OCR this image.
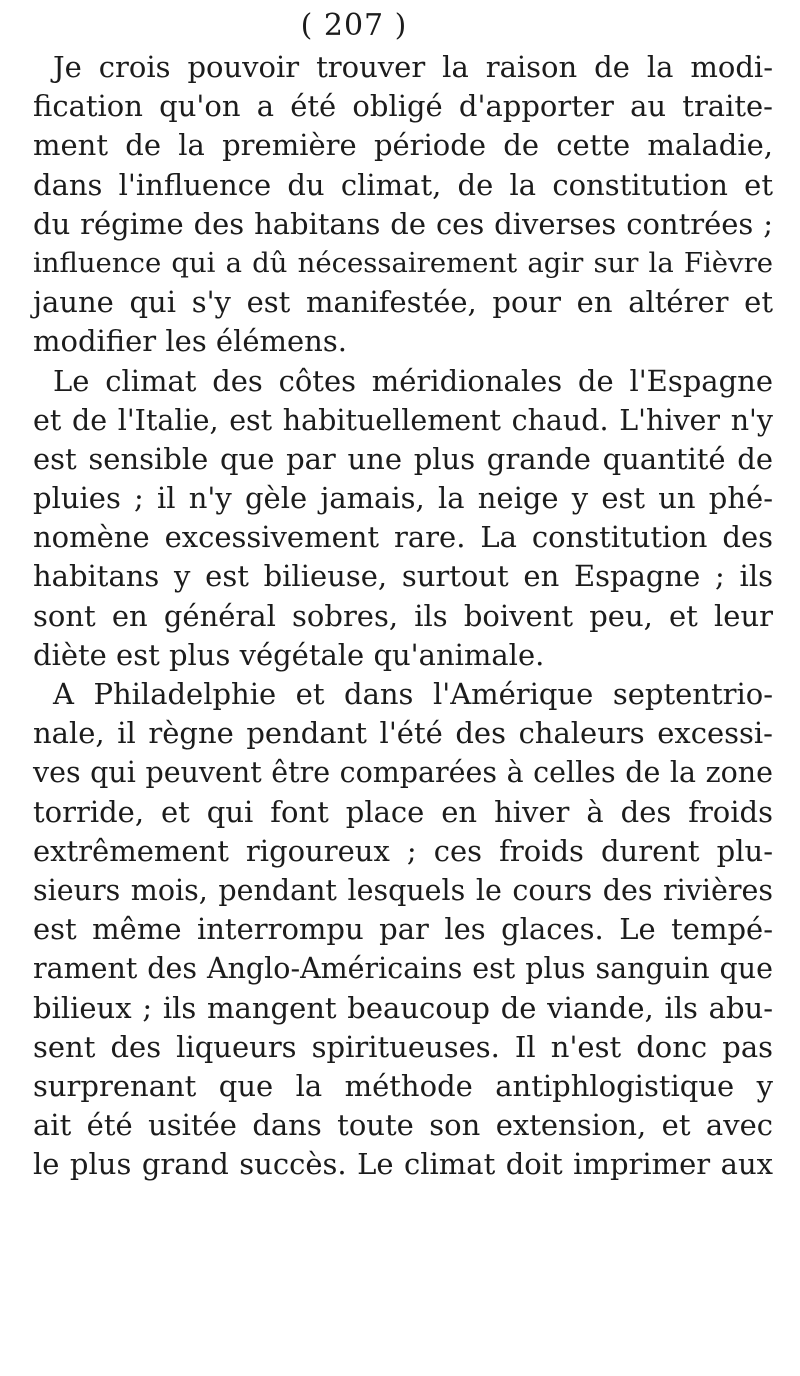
( 207 )
Je crois pouvoir trouver la raison de la modi-
fication qu'on a été obligé d'apporter au traite-
ment de la première période de cette maladie,
dans l'influence du climat, de la constitution et
du régime des habitans de ces diverses contrées ;
influence qui a dû nécessairement agir sur la Fièvre
jaune qui s'y est manifestée, pour en altérer et
modifier les élémens.
Le climat des côtes méridionales de l'Espagne
et de l'Italie, est habituellement chaud. L'hiver n'y
est sensible que par une plus grande quantité de
pluies ; il n'y gèle jamais, la neige y est un phé-
nomène excessivement rare. La constitution des
habitans y est bilieuse, surtout en Espagne ; ils
sont en général sobres, ils boivent peu, et leur
diète est plus végétale qu'animale.
A Philadelphie et dans l'Amérique septentrio-
nale, il règne pendant l'été des chaleurs excessi-
ves qui peuvent être comparées à celles de la zone
torride, et qui font place en hiver à des froids
extrêmement rigoureux ; ces froids durent plu-
sieurs mois, pendant lesquels le cours des rivières
est même interrompu par les glaces. Le tempé-
rament des Anglo-Américains est plus sanguin que
bilieux ; ils mangent beaucoup de viande, ils abu-
sent des liqueurs spiritueuses. Il n'est donc pas
surprenant que la méthode antiphlogistique y
ait été usitée dans toute son extension, et avec
le plus grand succès. Le climat doit imprimer aux
